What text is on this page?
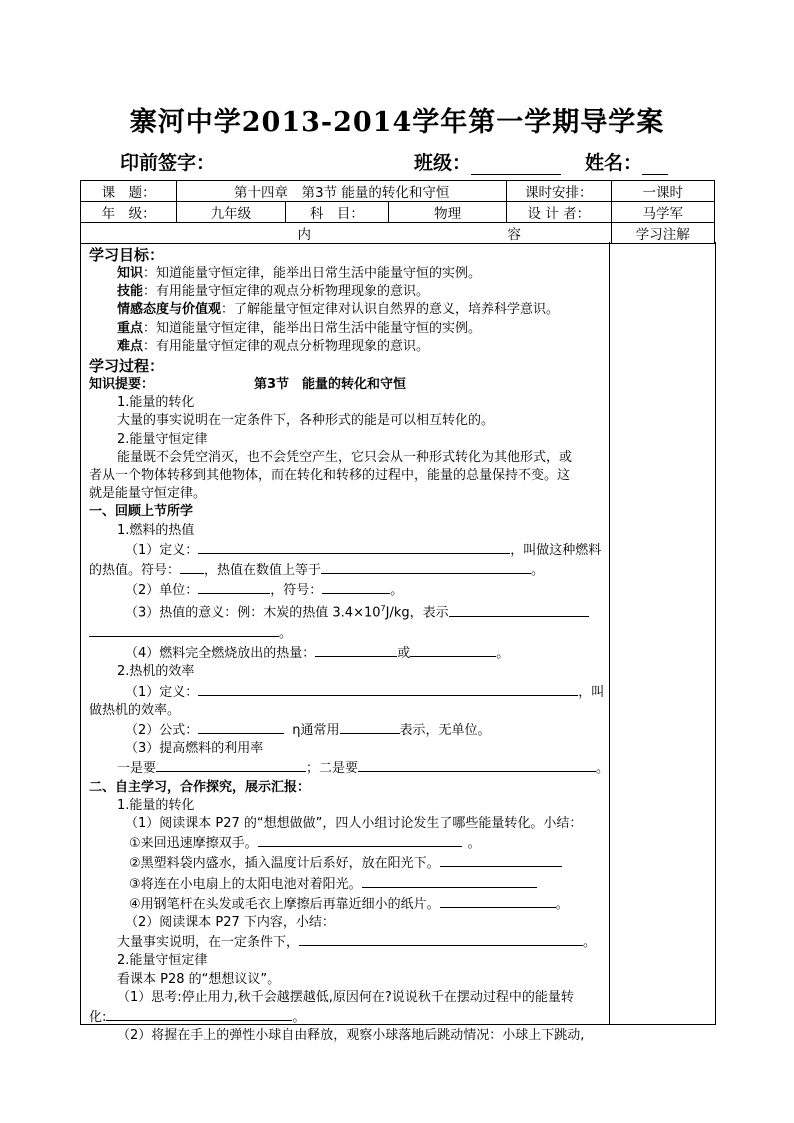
寨河中学2013-2014学年第一学期导学案
印前签字：	班级：	姓名：
课　题：	第十四章　第3节 能量的转化和守恒			课时安排：	一课时
年　级：	九年级	科　目：	物理	设 计 者：	马学军
内 容					学习注解

学习目标：

知识：知道能量守恒定律，能举出日常生活中能量守恒的实例。

技能：有用能量守恒定律的观点分析物理现象的意识。

情感态度与价值观：了解能量守恒定律对认识自然界的意义，培养科学意识。

重点：知道能量守恒定律，能举出日常生活中能量守恒的实例。

难点：有用能量守恒定律的观点分析物理现象的意识。

学习过程：

知识提要：	第3节　能量的转化和守恒

1.能量的转化

大量的事实说明在一定条件下，各种形式的能是可以相互转化的。

2.能量守恒定律

能量既不会凭空消灭，也不会凭空产生，它只会从一种形式转化为其他形式，或

者从一个物体转移到其他物体，而在转化和转移的过程中，能量的总量保持不变。这

就是能量守恒定律。

一、回顾上节所学

1.燃料的热值

（1）定义：	，叫做这种燃料

的热值。符号： ，热值在数值上等于	。

（2）单位：	，符号：	。

（3）热值的意义：例：木炭的热值 $3.4\times 10^7J/kg$，表示

。

（4）燃料完全燃烧放出的热量：	或	。

2.热机的效率

（1）定义：	，叫

做热机的效率。

（2）公式：	η通常用	表示，无单位。

（3）提高燃料的利用率

一是要	；二是要	。

二、自主学习，合作探究，展示汇报：

1.能量的转化

（1）阅读课本 P27 的“想想做做”，四人小组讨论发生了哪些能量转化。小结：

①来回迅速摩擦双手。	。

②黑塑料袋内盛水，插入温度计后系好，放在阳光下。

③将连在小电扇上的太阳电池对着阳光。

④用钢笔杆在头发或毛衣上摩擦后再靠近细小的纸片。	。

（2）阅读课本 P27 下内容，小结：

大量事实说明，在一定条件下，	。

2.能量守恒定律

看课本 P28 的“想想议议”。

（1）思考:停止用力,秋千会越摆越低,原因何在?说说秋千在摆动过程中的能量转

化:	。

（2）将握在手上的弹性小球自由释放，观察小球落地后跳动情况：小球上下跳动,
